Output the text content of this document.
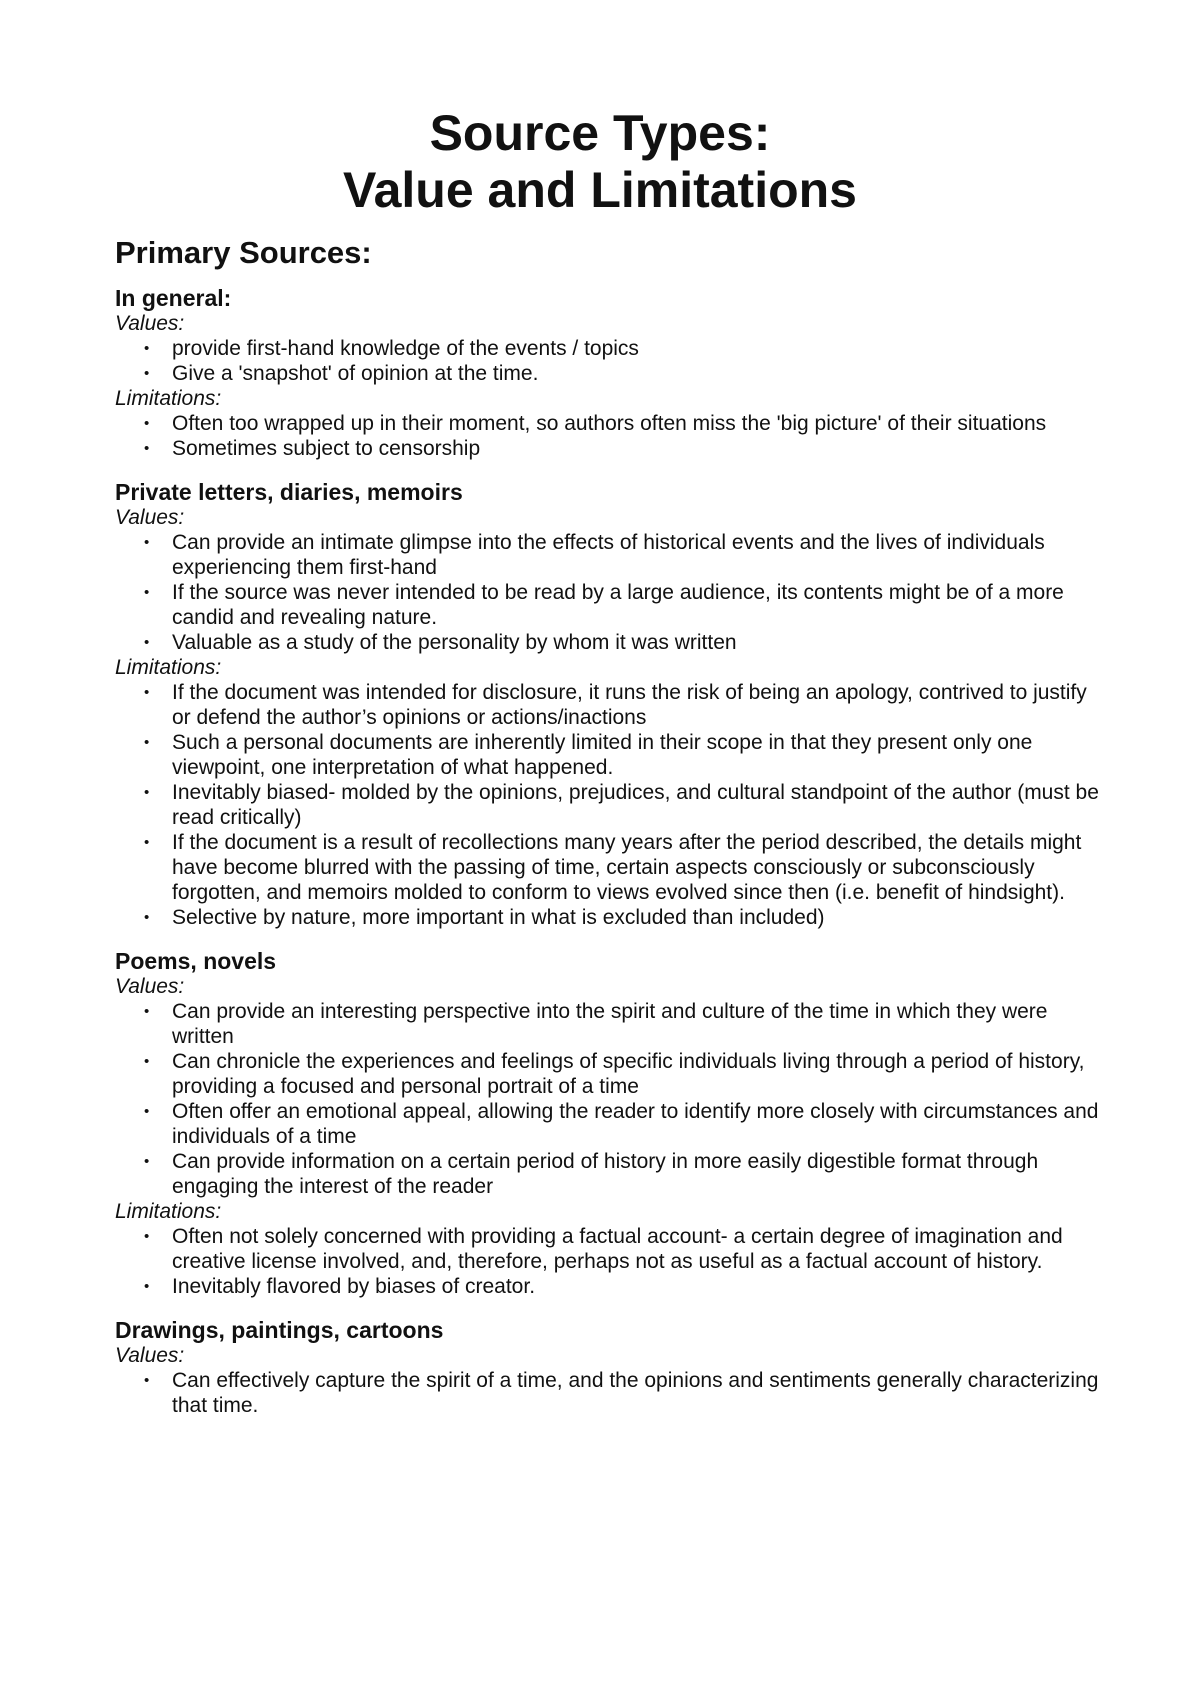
Source Types:
Value and Limitations
Primary Sources:
In general:

Values:

• provide first-hand knowledge of the events / topics
• Give a 'snapshot' of opinion at the time.

Limitations:

• Often too wrapped up in their moment, so authors often miss the 'big picture' of their situations
• Sometimes subject to censorship
Private letters, diaries, memoirs

Values:

• Can provide an intimate glimpse into the effects of historical events and the lives of individuals experiencing them first-hand
• If the source was never intended to be read by a large audience, its contents might be of a more candid and revealing nature.
• Valuable as a study of the personality by whom it was written

Limitations:

• If the document was intended for disclosure, it runs the risk of being an apology, contrived to justify or defend the author’s opinions or actions/inactions
• Such a personal documents are inherently limited in their scope in that they present only one viewpoint, one interpretation of what happened.
• Inevitably biased- molded by the opinions, prejudices, and cultural standpoint of the author (must be read critically)
• If the document is a result of recollections many years after the period described, the details might have become blurred with the passing of time, certain aspects consciously or subconsciously forgotten, and memoirs molded to conform to views evolved since then (i.e. benefit of hindsight).
• Selective by nature, more important in what is excluded than included)
Poems, novels

Values:

• Can provide an interesting perspective into the spirit and culture of the time in which they were written
• Can chronicle the experiences and feelings of specific individuals living through a period of history, providing a focused and personal portrait of a time
• Often offer an emotional appeal, allowing the reader to identify more closely with circumstances and individuals of a time
• Can provide information on a certain period of history in more easily digestible format through engaging the interest of the reader

Limitations:

• Often not solely concerned with providing a factual account- a certain degree of imagination and creative license involved, and, therefore, perhaps not as useful as a factual account of history.
• Inevitably flavored by biases of creator.
Drawings, paintings, cartoons

Values:

• Can effectively capture the spirit of a time, and the opinions and sentiments generally characterizing that time.
